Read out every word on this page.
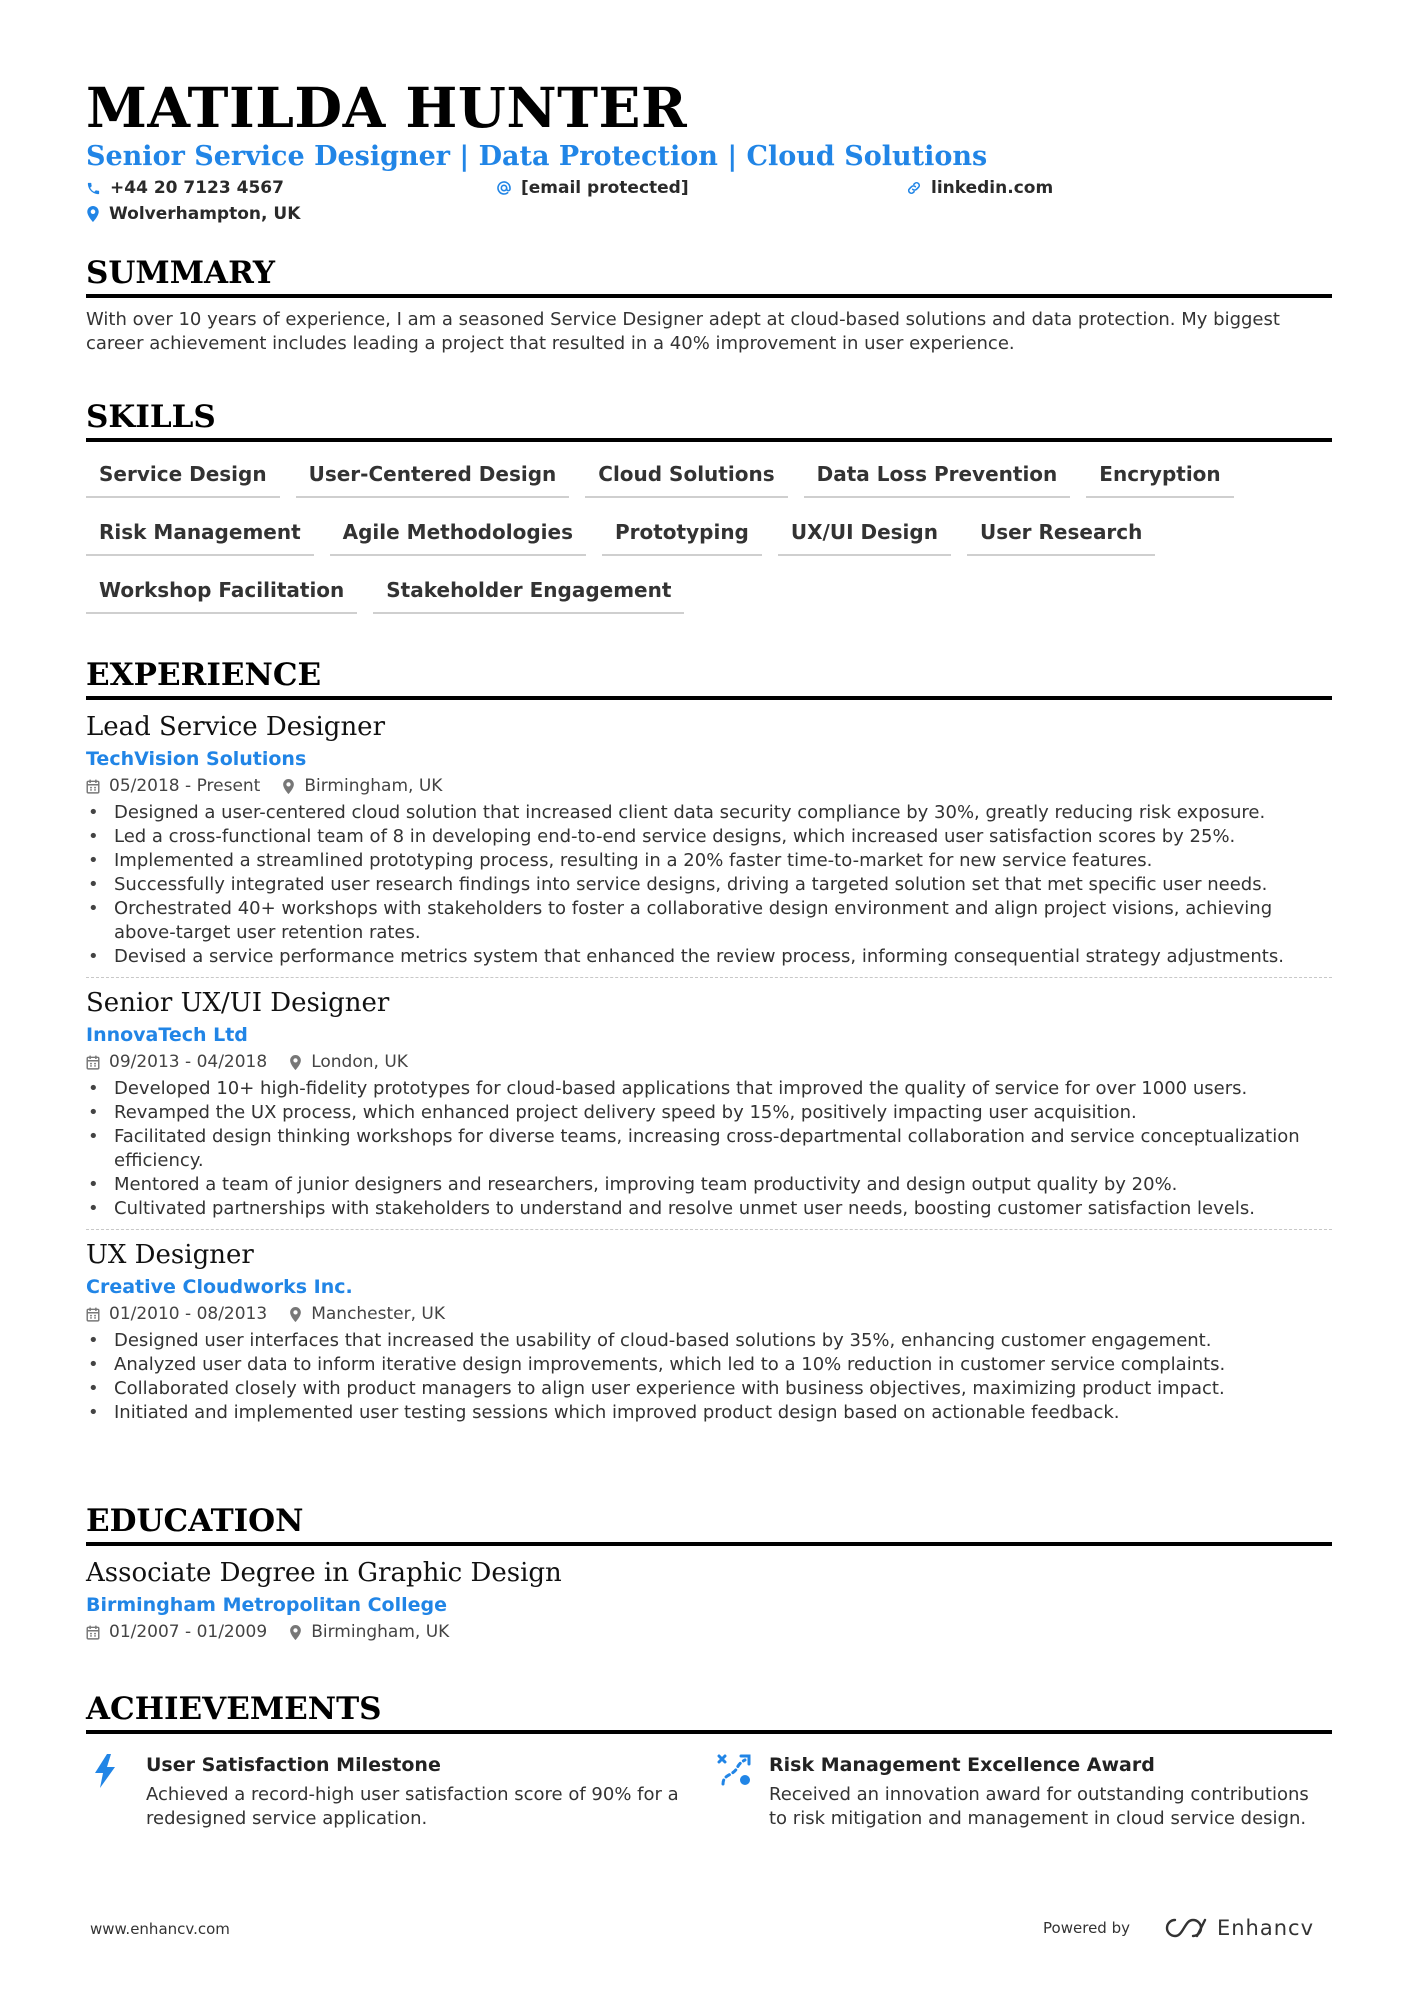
MATILDA HUNTER
Senior Service Designer | Data Protection | Cloud Solutions
+44 20 7123 4567	[email protected]	linkedin.com
Wolverhampton, UK
SUMMARY
With over 10 years of experience, I am a seasoned Service Designer adept at cloud-based solutions and data protection. My biggest career achievement includes leading a project that resulted in a 40% improvement in user experience.
SKILLS
Service Design	User-Centered Design	Cloud Solutions	Data Loss Prevention	Encryption
Risk Management	Agile Methodologies	Prototyping	UX/UI Design	User Research
Workshop Facilitation	Stakeholder Engagement
EXPERIENCE
Lead Service Designer
TechVision Solutions
05/2018 - Present	Birmingham, UK
• Designed a user-centered cloud solution that increased client data security compliance by 30%, greatly reducing risk exposure.
• Led a cross-functional team of 8 in developing end-to-end service designs, which increased user satisfaction scores by 25%.
• Implemented a streamlined prototyping process, resulting in a 20% faster time-to-market for new service features.
• Successfully integrated user research findings into service designs, driving a targeted solution set that met specific user needs.
• Orchestrated 40+ workshops with stakeholders to foster a collaborative design environment and align project visions, achieving above-target user retention rates.
• Devised a service performance metrics system that enhanced the review process, informing consequential strategy adjustments.
Senior UX/UI Designer
InnovaTech Ltd
09/2013 - 04/2018	London, UK
• Developed 10+ high-fidelity prototypes for cloud-based applications that improved the quality of service for over 1000 users.
• Revamped the UX process, which enhanced project delivery speed by 15%, positively impacting user acquisition.
• Facilitated design thinking workshops for diverse teams, increasing cross-departmental collaboration and service conceptualization efficiency.
• Mentored a team of junior designers and researchers, improving team productivity and design output quality by 20%.
• Cultivated partnerships with stakeholders to understand and resolve unmet user needs, boosting customer satisfaction levels.
UX Designer
Creative Cloudworks Inc.
01/2010 - 08/2013	Manchester, UK
• Designed user interfaces that increased the usability of cloud-based solutions by 35%, enhancing customer engagement.
• Analyzed user data to inform iterative design improvements, which led to a 10% reduction in customer service complaints.
• Collaborated closely with product managers to align user experience with business objectives, maximizing product impact.
• Initiated and implemented user testing sessions which improved product design based on actionable feedback.
EDUCATION
Associate Degree in Graphic Design
Birmingham Metropolitan College
01/2007 - 01/2009	Birmingham, UK
ACHIEVEMENTS
User Satisfaction Milestone
Achieved a record-high user satisfaction score of 90% for a redesigned service application.
Risk Management Excellence Award
Received an innovation award for outstanding contributions to risk mitigation and management in cloud service design.
www.enhancv.com	Powered by	Enhancv
